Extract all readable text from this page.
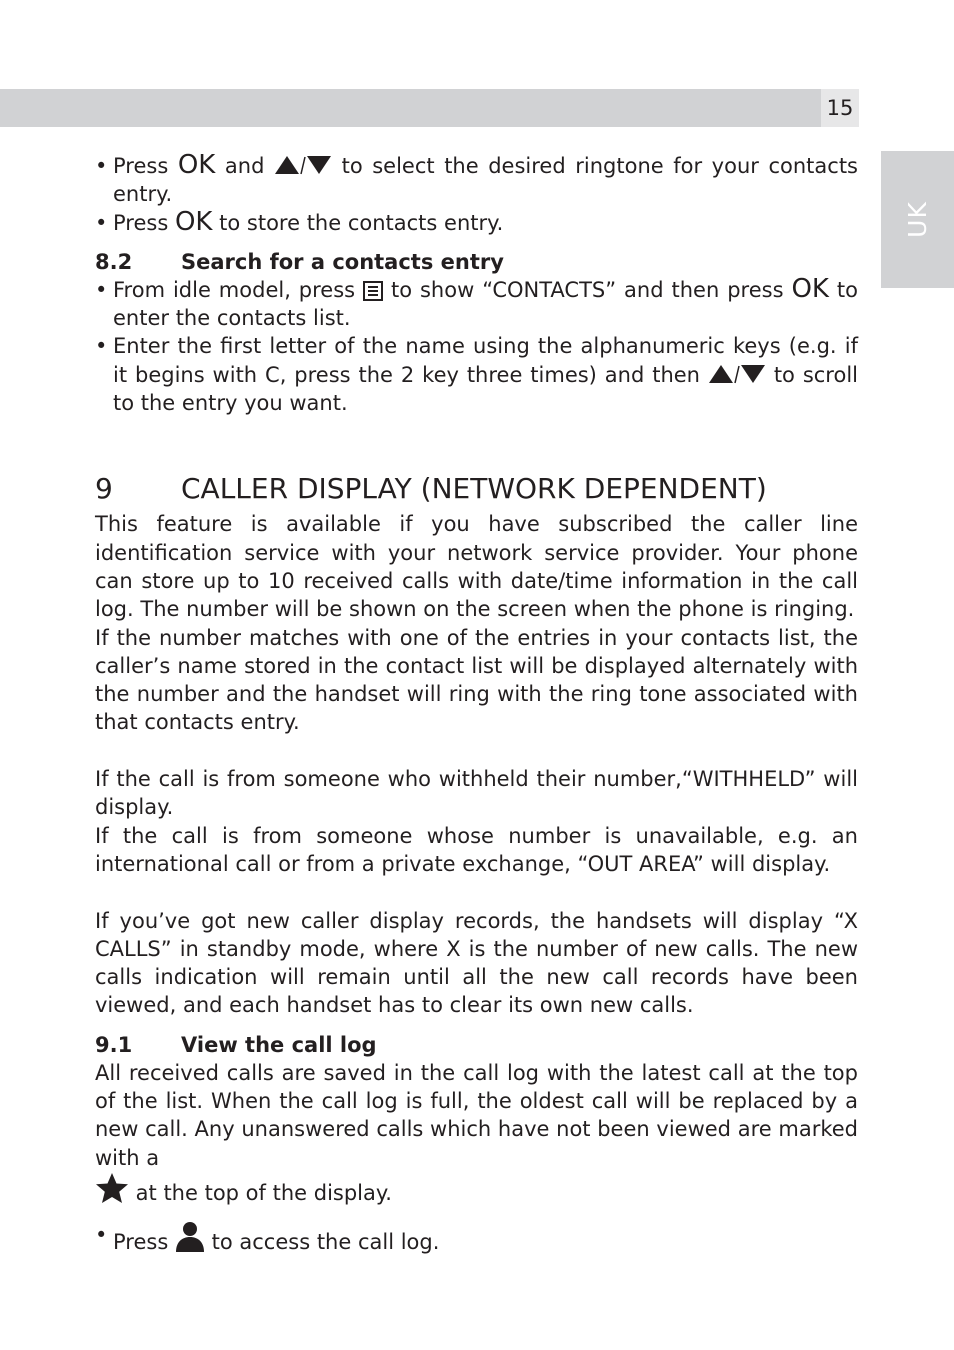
15
UK
• Press OK and	to select the desired ringtone for your contacts entry.
• Press OK to store the contacts entry.
8.2 Search for a contacts entry
• From idle model, press  to show “CONTACTS” and then press OK to enter the contacts list.
• Enter the first letter of the name using the alphanumeric keys (e.g. if it begins with C, press the 2 key three times) and then	to scroll to the entry you want.
9 CALLER DISPLAY (NETWORK DEPENDENT)

This feature is available if you have subscribed the caller line identification service with your network service provider. Your phone can store up to 10 received calls with date/time information in the call log. The number will be shown on the screen when the phone is ringing.

If the number matches with one of the entries in your contacts list, the caller’s name stored in the contact list will be displayed alternately with the number and the handset will ring with the ring tone associated with that contacts entry.

If the call is from someone who withheld their number,“WITHHELD” will display.

If the call is from someone whose number is unavailable, e.g. an international call or from a private exchange, “OUT AREA” will display.

If you’ve got new caller display records, the handsets will display “X CALLS” in standby mode, where X is the number of new calls. The new calls indication will remain until all the new call records have been viewed, and each handset has to clear its own new calls.

9.1 View the call log

All received calls are saved in the call log with the latest call at the top of the list. When the call log is full, the oldest call will be replaced by a new call. Any unanswered calls which have not been viewed are marked with a
at the top of the display.

• Press  to access the call log.
